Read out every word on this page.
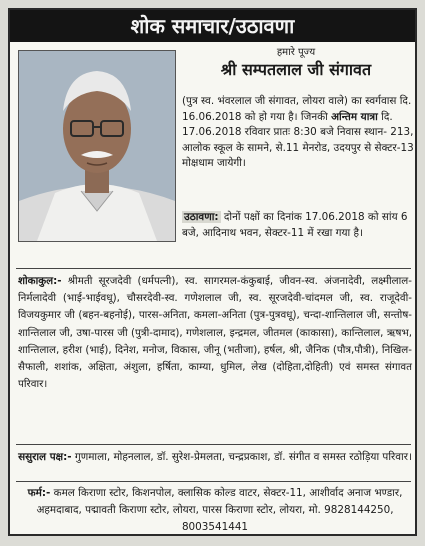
शोक समाचार/उठावणा
हमारे पूज्य
श्री सम्पतलाल जी संगावत
(पुत्र स्व. भंवरलाल जी संगावत, लोयरा वाले) का स्वर्गवास दि. 16.06.2018 को हो गया है। जिनकी अन्तिम यात्रा दि. 17.06.2018 रविवार प्रातः 8:30 बजे निवास स्थान- 213, आलोक स्कूल के सामने, से.11 मेनरोड, उदयपुर से सेक्टर-13 मोक्षधाम जायेगी।
उठावणा: दोनों पक्षों का दिनांक 17.06.2018 को सांय 6 बजे, आदिनाथ भवन, सेक्टर-11 में रखा गया है।
शोकाकुल:- श्रीमती सूरजदेवी (धर्मपत्नी), स्व. सागरमल-कंकुबाई, जीवन-स्व. अंजनादेवी, लक्ष्मीलाल-निर्मलादेवी (भाई-भाईवधू), चौसरदेवी-स्व. गणेशलाल जी, स्व. सूरजदेवी-चांदमल जी, स्व. राजूदेवी-विजयकुमार जी (बहन-बहनोई), पारस-अनिता, कमला-अनिता (पुत्र-पुत्रवधू), चन्दा-शान्तिलाल जी, सन्तोष-शान्तिलाल जी, उषा-पारस जी (पुत्री-दामाद), गणेशलाल, इन्द्रमल, जीतमल (काकासा), कान्तिलाल, ऋषभ, शान्तिलाल, हरीश (भाई), दिनेश, मनोज, विकास, जीनू (भतीजा), हर्षल, श्री, जैनिक (पौत्र,पौत्री), निखिल-सैफाली, शशांक, अक्षिता, अंशुला, हर्षिता, काम्या, धुमिल, लेख (दोहिता,दोहिती) एवं समस्त संगावत परिवार।
ससुराल पक्ष:- गुणमाला, मोहनलाल, डॉ. सुरेश-प्रेमलता, चन्द्रप्रकाश, डॉ. संगीत व समस्त रठोड़िया परिवार।
फर्म:- कमल किराणा स्टोर, किशनपोल, क्लासिक कोल्ड वाटर, सेक्टर-11, आशीर्वाद अनाज भण्डार, अहमदाबाद, पद्मावती किराणा स्टोर, लोयरा, पारस किराणा स्टोर, लोयरा, मो. 9828144250, 8003541441
